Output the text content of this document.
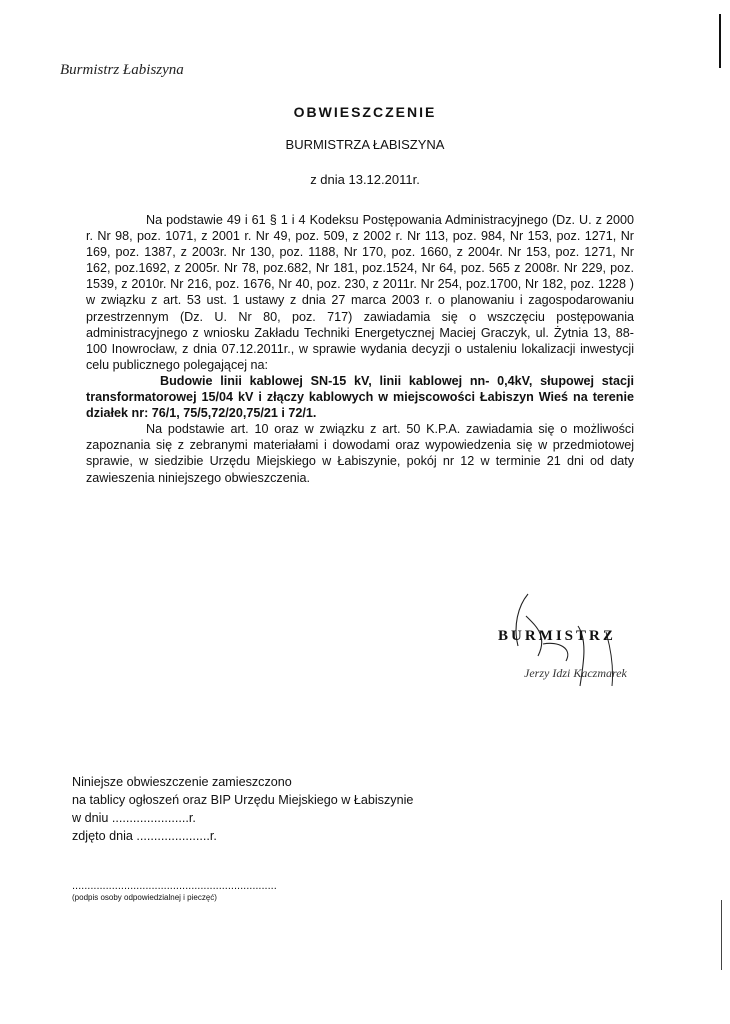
Burmistrz Łabiszyna
OBWIESZCZENIE
BURMISTRZA ŁABISZYNA
z dnia 13.12.2011r.

Na podstawie 49 i 61 § 1 i 4 Kodeksu Postępowania Administracyjnego (Dz. U. z 2000 r. Nr 98, poz. 1071, z 2001 r. Nr 49, poz. 509, z 2002 r. Nr 113, poz. 984, Nr 153, poz. 1271, Nr 169, poz. 1387, z 2003r. Nr 130, poz. 1188, Nr 170, poz. 1660, z 2004r. Nr 153, poz. 1271, Nr 162, poz.1692, z 2005r. Nr 78, poz.682, Nr 181, poz.1524, Nr 64, poz. 565 z 2008r. Nr 229, poz. 1539, z 2010r. Nr 216, poz. 1676, Nr 40, poz. 230, z 2011r. Nr 254, poz.1700, Nr 182, poz. 1228 ) w związku z art. 53 ust. 1 ustawy z dnia 27 marca 2003 r. o planowaniu i zagospodarowaniu przestrzennym (Dz. U. Nr 80, poz. 717) zawiadamia się o wszczęciu postępowania administracyjnego z wniosku Zakładu Techniki Energetycznej Maciej Graczyk, ul. Żytnia 13, 88-100 Inowrocław, z dnia 07.12.2011r., w sprawie wydania decyzji o ustaleniu lokalizacji inwestycji celu publicznego polegającej na:

Budowie linii kablowej SN-15 kV, linii kablowej nn- 0,4kV, słupowej stacji transformatorowej 15/04 kV i złączy kablowych w miejscowości Łabiszyn Wieś na terenie działek nr: 76/1, 75/5,72/20,75/21 i 72/1.

Na podstawie art. 10 oraz w związku z art. 50 K.P.A. zawiadamia się o możliwości zapoznania się z zebranymi materiałami i dowodami oraz wypowiedzenia się w przedmiotowej sprawie, w siedzibie Urzędu Miejskiego w Łabiszynie, pokój nr 12 w terminie 21 dni od daty zawieszenia niniejszego obwieszczenia.

BURMISTRZ
Jerzy Idzi Kaczmarek
Niniejsze obwieszczenie zamieszczono
na tablicy ogłoszeń oraz BIP Urzędu Miejskiego w Łabiszynie
w dniu ......................r.
zdjęto dnia .....................r.
...................................................................
(podpis osoby odpowiedzialnej i pieczęć)
